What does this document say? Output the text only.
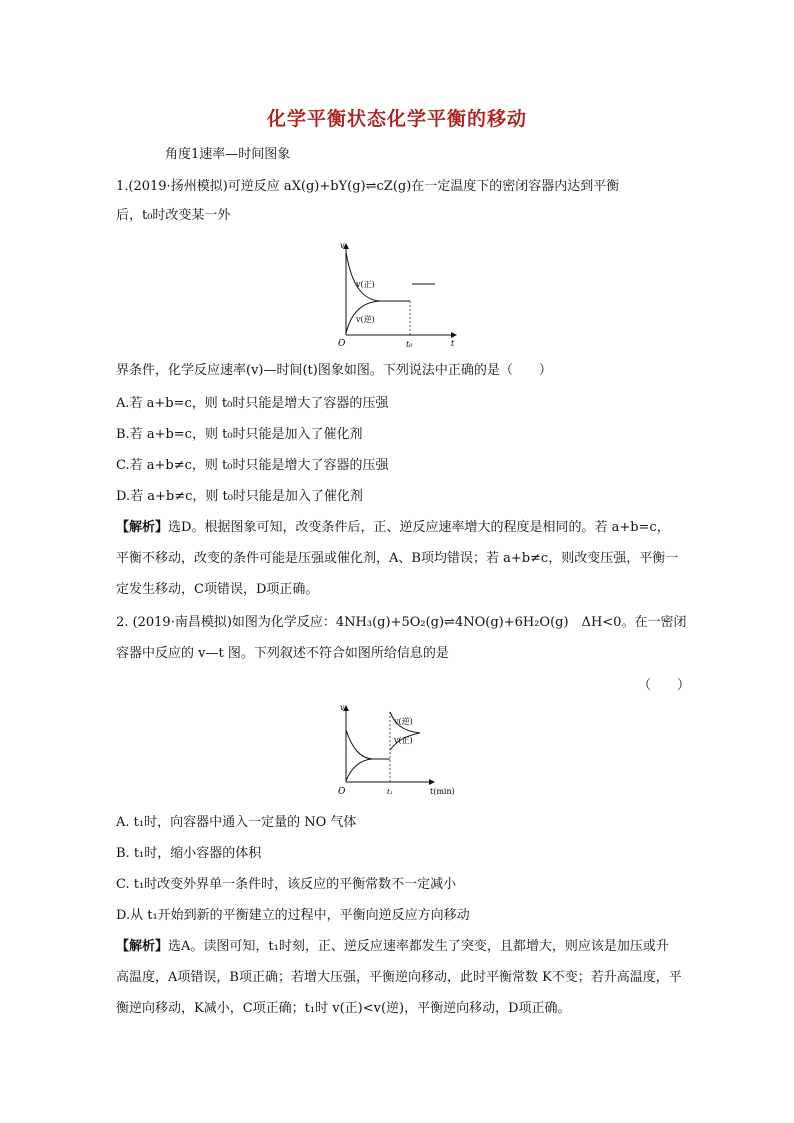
化学平衡状态化学平衡的移动
角度1速率—时间图象
1.(2019·扬州模拟)可逆反应 aX(g)+bY(g)⇌cZ(g)在一定温度下的密闭容器内达到平衡
后，t₀时改变某一外
v
O	t₀	t
v(正)
v(逆)
界条件，化学反应速率(v)—时间(t)图象如图。下列说法中正确的是（　　）
A.若 a+b=c，则 t₀时只能是增大了容器的压强
B.若 a+b=c，则 t₀时只能是加入了催化剂
C.若 a+b≠c，则 t₀时只能是增大了容器的压强
D.若 a+b≠c，则 t₀时只能是加入了催化剂
【解析】选D。根据图象可知，改变条件后，正、逆反应速率增大的程度是相同的。若 a+b=c，
平衡不移动，改变的条件可能是压强或催化剂，A、B项均错误；若 a+b≠c，则改变压强，平衡一
定发生移动，C项错误，D项正确。
2. (2019·南昌模拟)如图为化学反应：4NH₃(g)+5O₂(g)⇌4NO(g)+6H₂O(g)　ΔH<0。在一密闭
容器中反应的 v—t 图。下列叙述不符合如图所给信息的是
（　　）
v
O	t₁	t(min)
v(逆)
v(正)
A. t₁时，向容器中通入一定量的 NO 气体
B. t₁时，缩小容器的体积
C. t₁时改变外界单一条件时，该反应的平衡常数不一定减小
D.从 t₁开始到新的平衡建立的过程中，平衡向逆反应方向移动
【解析】选A。读图可知，t₁时刻，正、逆反应速率都发生了突变，且都增大，则应该是加压或升
高温度，A项错误，B项正确；若增大压强，平衡逆向移动，此时平衡常数 K不变；若升高温度，平
衡逆向移动，K减小，C项正确；t₁时 v(正)<v(逆)，平衡逆向移动，D项正确。
